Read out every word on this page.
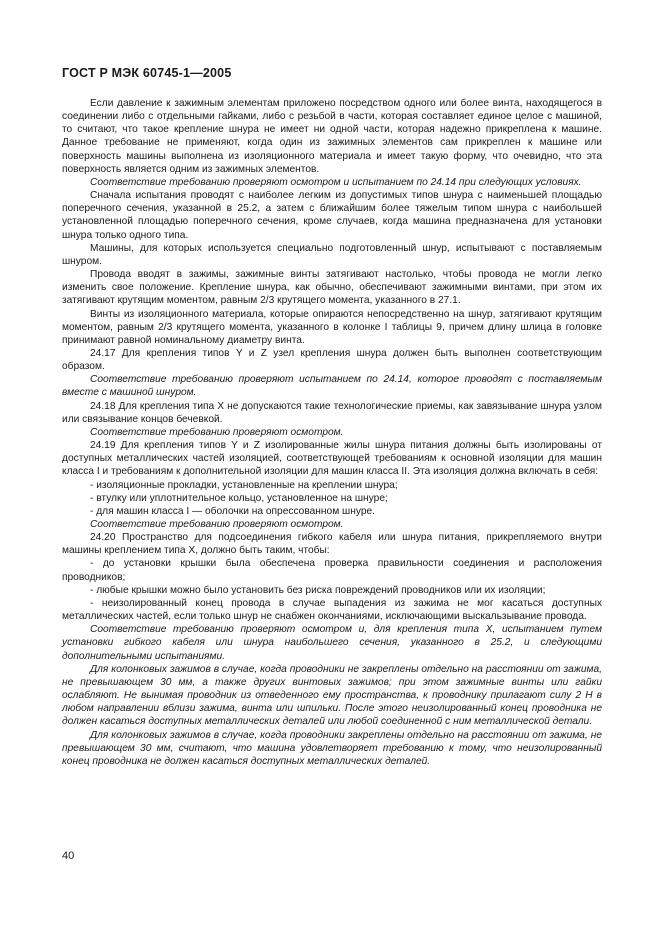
ГОСТ Р МЭК 60745-1—2005

Если давление к зажимным элементам приложено посредством одного или более винта, находящегося в соединении либо с отдельными гайками, либо с резьбой в части, которая составляет единое целое с машиной, то считают, что такое крепление шнура не имеет ни одной части, которая надежно прикреплена к машине. Данное требование не применяют, когда один из зажимных элементов сам прикреплен к машине или поверхность машины выполнена из изоляционного материала и имеет такую форму, что очевидно, что эта поверхность является одним из зажимных элементов.

Соответствие требованию проверяют осмотром и испытанием по 24.14 при следующих условиях.

Сначала испытания проводят с наиболее легким из допустимых типов шнура с наименьшей площадью поперечного сечения, указанной в 25.2, а затем с ближайшим более тяжелым типом шнура с наибольшей установленной площадью поперечного сечения, кроме случаев, когда машина предназначена для установки шнура только одного типа.

Машины, для которых используется специально подготовленный шнур, испытывают с поставляемым шнуром.

Провода вводят в зажимы, зажимные винты затягивают настолько, чтобы провода не могли легко изменить свое положение. Крепление шнура, как обычно, обеспечивают зажимными винтами, при этом их затягивают крутящим моментом, равным 2/3 крутящего момента, указанного в 27.1.

Винты из изоляционного материала, которые опираются непосредственно на шнур, затягивают крутящим моментом, равным 2/3 крутящего момента, указанного в колонке I таблицы 9, причем длину шлица в головке принимают равной номинальному диаметру винта.

24.17 Для крепления типов Y и Z узел крепления шнура должен быть выполнен соответствующим образом.

Соответствие требованию проверяют испытанием по 24.14, которое проводят с поставляемым вместе с машиной шнуром.

24.18 Для крепления типа X не допускаются такие технологические приемы, как завязывание шнура узлом или связывание концов бечевкой.

Соответствие требованию проверяют осмотром.

24.19 Для крепления типов Y и Z изолированные жилы шнура питания должны быть изолированы от доступных металлических частей изоляцией, соответствующей требованиям к основной изоляции для машин класса I и требованиям к дополнительной изоляции для машин класса II. Эта изоляция должна включать в себя:

- изоляционные прокладки, установленные на креплении шнура;

- втулку или уплотнительное кольцо, установленное на шнуре;

- для машин класса I — оболочки на опрессованном шнуре.

Соответствие требованию проверяют осмотром.

24.20 Пространство для подсоединения гибкого кабеля или шнура питания, прикрепляемого внутри машины креплением типа X, должно быть таким, чтобы:

- до установки крышки была обеспечена проверка правильности соединения и расположения проводников;

- любые крышки можно было установить без риска повреждений проводников или их изоляции;

- неизолированный конец провода в случае выпадения из зажима не мог касаться доступных металлических частей, если только шнур не снабжен окончаниями, исключающими выскальзывание провода.

Соответствие требованию проверяют осмотром и, для крепления типа X, испытанием путем установки гибкого кабеля или шнура наибольшего сечения, указанного в 25.2, и следующими дополнительными испытаниями.

Для колонковых зажимов в случае, когда проводники не закреплены отдельно на расстоянии от зажима, не превышающем 30 мм, а также других винтовых зажимов; при этом зажимные винты или гайки ослабляют. Не вынимая проводник из отведенного ему пространства, к проводнику прилагают силу 2 Н в любом направлении вблизи зажима, винта или шпильки. После этого неизолированный конец проводника не должен касаться доступных металлических деталей или любой соединенной с ним металлической детали.

Для колонковых зажимов в случае, когда проводники закреплены отдельно на расстоянии от зажима, не превышающем 30 мм, считают, что машина удовлетворяет требованию к тому, что неизолированный конец проводника не должен касаться доступных металлических деталей.

40
